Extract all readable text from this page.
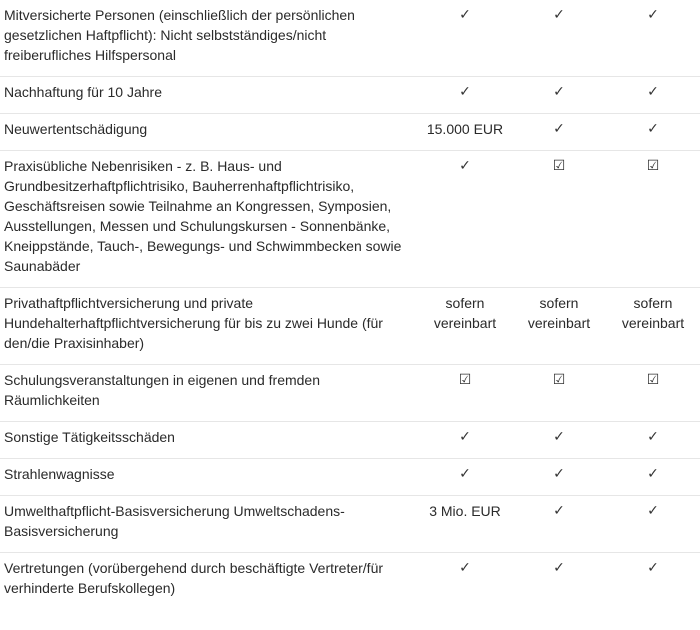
Mitversicherte Personen (einschließlich der persönlichen gesetzlichen Haftpflicht): Nicht selbstständiges/nicht freiberufliches Hilfspersonal	✓	✓	✓
Nachhaftung für 10 Jahre	✓	✓	✓
Neuwertentschädigung	15.000 EUR	✓	✓
Praxisübliche Nebenrisiken - z. B. Haus- und Grundbesitzerhaftpflichtrisiko, Bauherrenhaftpflichtrisiko, Geschäftsreisen sowie Teilnahme an Kongressen, Symposien, Ausstellungen, Messen und Schulungskursen - Sonnenbänke, Kneippstände, Tauch-, Bewegungs- und Schwimmbecken sowie Saunabäder	✓	☑	☑
Privathaftpflichtversicherung und private Hundehalterhaftpflichtversicherung für bis zu zwei Hunde (für den/die Praxisinhaber)	sofern vereinbart	sofern vereinbart	sofern vereinbart
Schulungsveranstaltungen in eigenen und fremden Räumlichkeiten	☑	☑	☑
Sonstige Tätigkeitsschäden	✓	✓	✓
Strahlenwagnisse	✓	✓	✓
Umwelthaftpflicht-Basisversicherung Umweltschadens-Basisversicherung	3 Mio. EUR	✓	✓
Vertretungen (vorübergehend durch beschäftigte Vertreter/für verhinderte Berufskollegen)	✓	✓	✓
